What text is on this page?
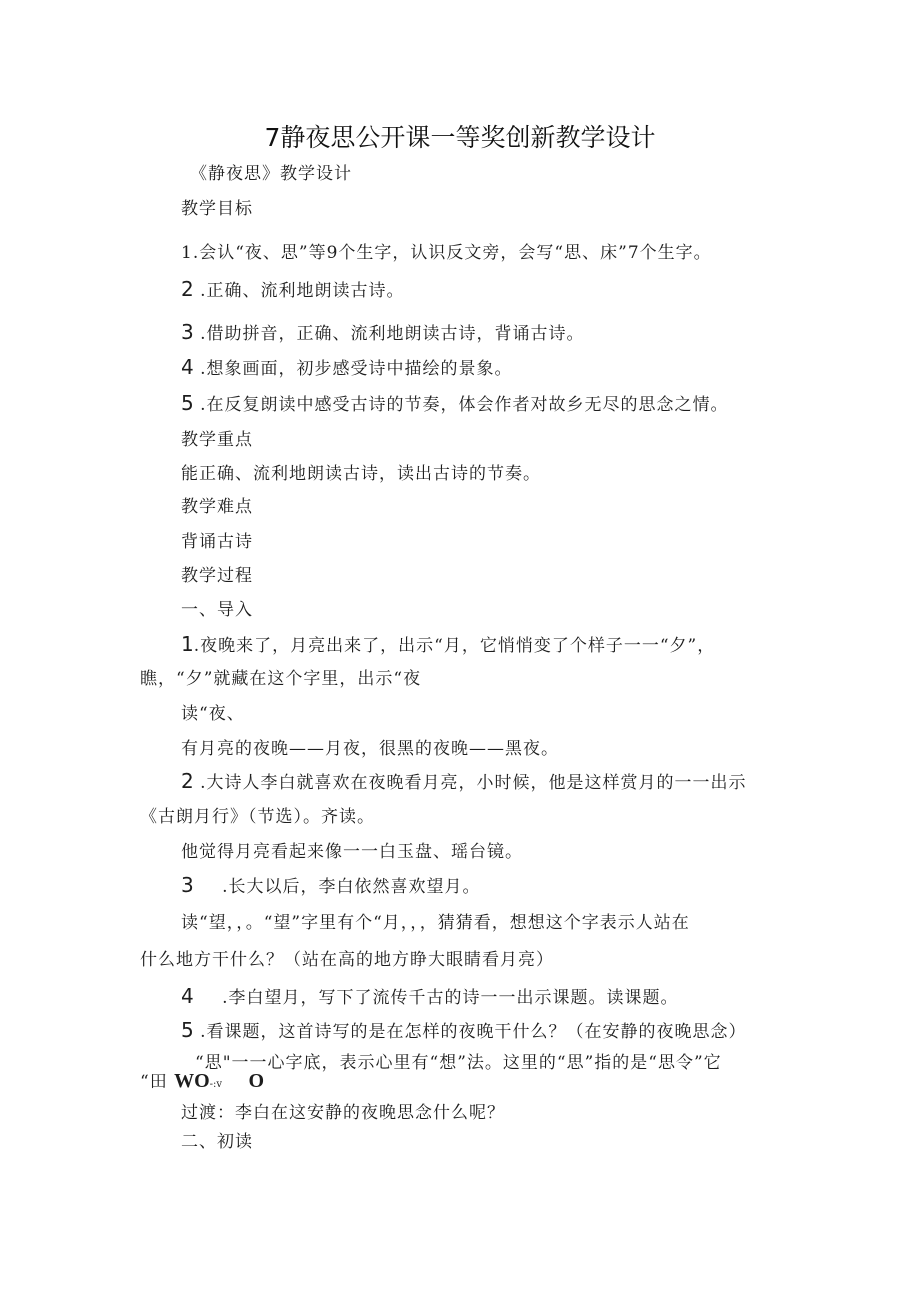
7静夜思公开课一等奖创新教学设计
《静夜思》教学设计
教学目标
1.会认“夜、思”等9个生字，认识反文旁，会写“思、床”7个生字。
2 .正确、流利地朗读古诗。
3 .借助拼音，正确、流利地朗读古诗，背诵古诗。
4 .想象画面，初步感受诗中描绘的景象。
5 .在反复朗读中感受古诗的节奏，体会作者对故乡无尽的思念之情。
教学重点
能正确、流利地朗读古诗，读出古诗的节奏。
教学难点
背诵古诗
教学过程
一、导入
1.夜晚来了，月亮出来了，出示“月，它悄悄变了个样子一一“夕”，
瞧，“夕”就藏在这个字里，出示“夜
读“夜、
有月亮的夜晚——月夜，很黑的夜晚——黑夜。
2 .大诗人李白就喜欢在夜晚看月亮，小时候，他是这样赏月的一一出示
《古朗月行》（节选）。齐读。
他觉得月亮看起来像一一白玉盘、瑶台镜。
3 .长大以后，李白依然喜欢望月。
读“望，，。“望”字里有个“月，，，猜猜看，想想这个字表示人站在
什么地方干什么？（站在高的地方睁大眼睛看月亮）
4 .李白望月，写下了流传千古的诗一一出示课题。读课题。
5 .看课题，这首诗写的是在怎样的夜晚干什么？（在安静的夜晚思念）
“思"一一心字底，表示心里有“想”法。这里的“思”指的是“思令”它
“田 WO-:v O
过渡：李白在这安静的夜晚思念什么呢？
二、初读
